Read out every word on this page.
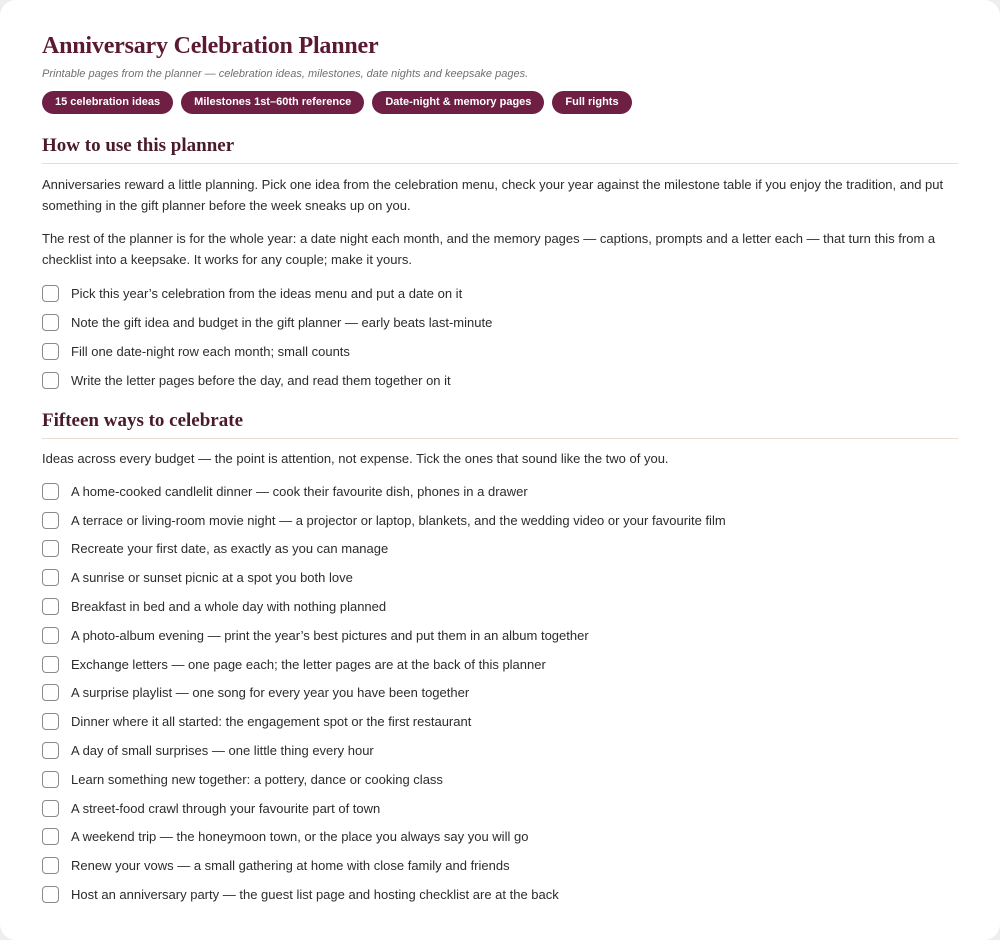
Anniversary Celebration Planner
Printable pages from the planner — celebration ideas, milestones, date nights and keepsake pages.
15 celebration ideas	Milestones 1st–60th reference	Date-night & memory pages	Full rights
How to use this planner

Anniversaries reward a little planning. Pick one idea from the celebration menu, check your year against the milestone table if you enjoy the tradition, and put something in the gift planner before the week sneaks up on you.

The rest of the planner is for the whole year: a date night each month, and the memory pages — captions, prompts and a letter each — that turn this from a checklist into a keepsake. It works for any couple; make it yours.

Pick this year’s celebration from the ideas menu and put a date on it
Note the gift idea and budget in the gift planner — early beats last-minute
Fill one date-night row each month; small counts
Write the letter pages before the day, and read them together on it
Fifteen ways to celebrate

Ideas across every budget — the point is attention, not expense. Tick the ones that sound like the two of you.

A home-cooked candlelit dinner — cook their favourite dish, phones in a drawer
A terrace or living-room movie night — a projector or laptop, blankets, and the wedding video or your favourite film
Recreate your first date, as exactly as you can manage
A sunrise or sunset picnic at a spot you both love
Breakfast in bed and a whole day with nothing planned
A photo-album evening — print the year’s best pictures and put them in an album together
Exchange letters — one page each; the letter pages are at the back of this planner
A surprise playlist — one song for every year you have been together
Dinner where it all started: the engagement spot or the first restaurant
A day of small surprises — one little thing every hour
Learn something new together: a pottery, dance or cooking class
A street-food crawl through your favourite part of town
A weekend trip — the honeymoon town, or the place you always say you will go
Renew your vows — a small gathering at home with close family and friends
Host an anniversary party — the guest list page and hosting checklist are at the back
